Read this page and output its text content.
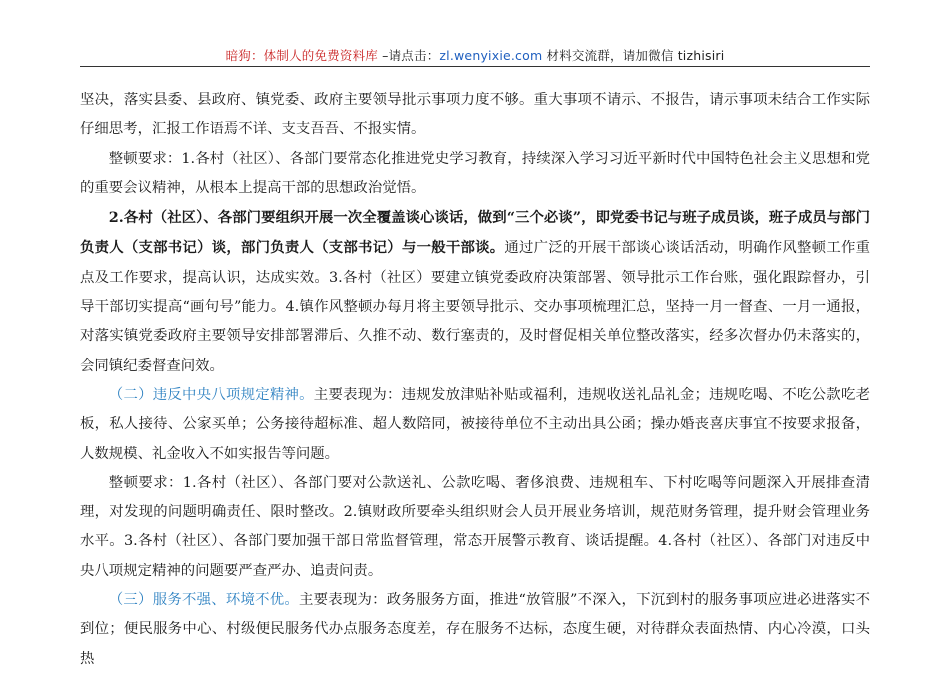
暗狗：体制人的免费资料库 –请点击：zl.wenyixie.com 材料交流群，请加微信 tizhisiri

坚决，落实县委、县政府、镇党委、政府主要领导批示事项力度不够。重大事项不请示、不报告，请示事项未结合工作实际仔细思考，汇报工作语焉不详、支支吾吾、不报实情。

整顿要求：1.各村（社区）、各部门要常态化推进党史学习教育，持续深入学习习近平新时代中国特色社会主义思想和党的重要会议精神，从根本上提高干部的思想政治觉悟。

2.各村（社区）、各部门要组织开展一次全覆盖谈心谈话，做到“三个必谈”，即党委书记与班子成员谈，班子成员与部门负责人（支部书记）谈，部门负责人（支部书记）与一般干部谈。通过广泛的开展干部谈心谈话活动，明确作风整顿工作重点及工作要求，提高认识，达成实效。3.各村（社区）要建立镇党委政府决策部署、领导批示工作台账，强化跟踪督办，引导干部切实提高“画句号”能力。4.镇作风整顿办每月将主要领导批示、交办事项梳理汇总，坚持一月一督查、一月一通报，对落实镇党委政府主要领导安排部署滞后、久推不动、数行塞责的，及时督促相关单位整改落实，经多次督办仍未落实的，会同镇纪委督查问效。

（二）违反中央八项规定精神。主要表现为：违规发放津贴补贴或福利，违规收送礼品礼金；违规吃喝、不吃公款吃老板，私人接待、公家买单；公务接待超标准、超人数陪同，被接待单位不主动出具公函；操办婚丧喜庆事宜不按要求报备，人数规模、礼金收入不如实报告等问题。

整顿要求：1.各村（社区）、各部门要对公款送礼、公款吃喝、奢侈浪费、违规租车、下村吃喝等问题深入开展排查清理，对发现的问题明确责任、限时整改。2.镇财政所要牵头组织财会人员开展业务培训，规范财务管理，提升财会管理业务水平。3.各村（社区）、各部门要加强干部日常监督管理，常态开展警示教育、谈话提醒。4.各村（社区）、各部门对违反中央八项规定精神的问题要严查严办、追责问责。

（三）服务不强、环境不优。主要表现为：政务服务方面，推进“放管服”不深入，下沉到村的服务事项应进必进落实不到位；便民服务中心、村级便民服务代办点服务态度差，存在服务不达标，态度生硬，对待群众表面热情、内心冷漠，口头热
